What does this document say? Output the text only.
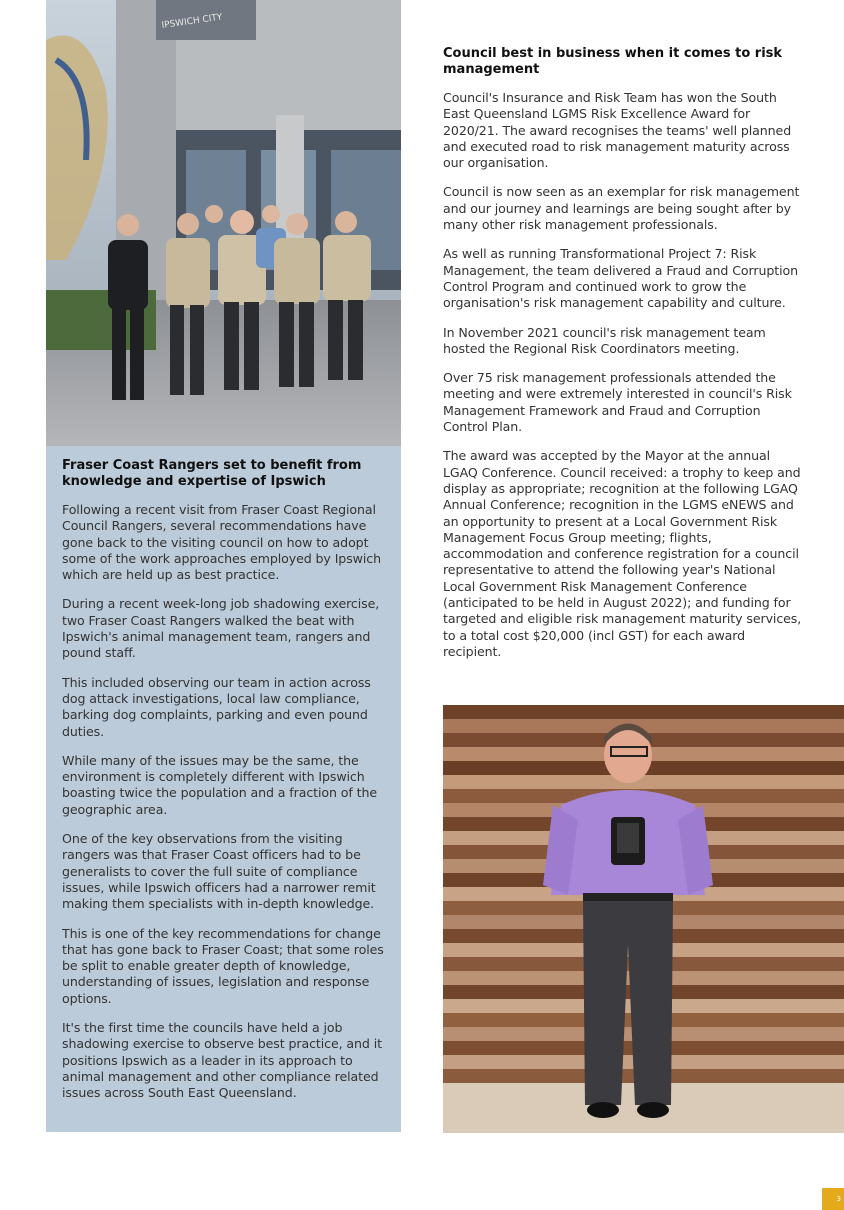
IPSWICH CITY
Fraser Coast Rangers set to benefit from knowledge and expertise of Ipswich

Following a recent visit from Fraser Coast Regional Council Rangers, several recommendations have gone back to the visiting council on how to adopt some of the work approaches employed by Ipswich which are held up as best practice.

During a recent week-long job shadowing exercise, two Fraser Coast Rangers walked the beat with Ipswich's animal management team, rangers and pound staff.

This included observing our team in action across dog attack investigations, local law compliance, barking dog complaints, parking and even pound duties.

While many of the issues may be the same, the environment is completely different with Ipswich boasting twice the population and a fraction of the geographic area.

One of the key observations from the visiting rangers was that Fraser Coast officers had to be generalists to cover the full suite of compliance issues, while Ipswich officers had a narrower remit making them specialists with in-depth knowledge.

This is one of the key recommendations for change that has gone back to Fraser Coast; that some roles be split to enable greater depth of knowledge, understanding of issues, legislation and response options.

It's the first time the councils have held a job shadowing exercise to observe best practice, and it positions Ipswich as a leader in its approach to animal management and other compliance related issues across South East Queensland.

Council best in business when it comes to risk management

Council's Insurance and Risk Team has won the South East Queensland LGMS Risk Excellence Award for 2020/21. The award recognises the teams' well planned and executed road to risk management maturity across our organisation.

Council is now seen as an exemplar for risk management and our journey and learnings are being sought after by many other risk management professionals.

As well as running Transformational Project 7: Risk Management, the team delivered a Fraud and Corruption Control Program and continued work to grow the organisation's risk management capability and culture.

In November 2021 council's risk management team hosted the Regional Risk Coordinators meeting.

Over 75 risk management professionals attended the meeting and were extremely interested in council's Risk Management Framework and Fraud and Corruption Control Plan.

The award was accepted by the Mayor at the annual LGAQ Conference. Council received: a trophy to keep and display as appropriate; recognition at the following LGAQ Annual Conference; recognition in the LGMS eNEWS and an opportunity to present at a Local Government Risk Management Focus Group meeting; flights, accommodation and conference registration for a council representative to attend the following year's National Local Government Risk Management Conference (anticipated to be held in August 2022); and funding for targeted and eligible risk management maturity services, to a total cost $20,000 (incl GST) for each award recipient.

3
